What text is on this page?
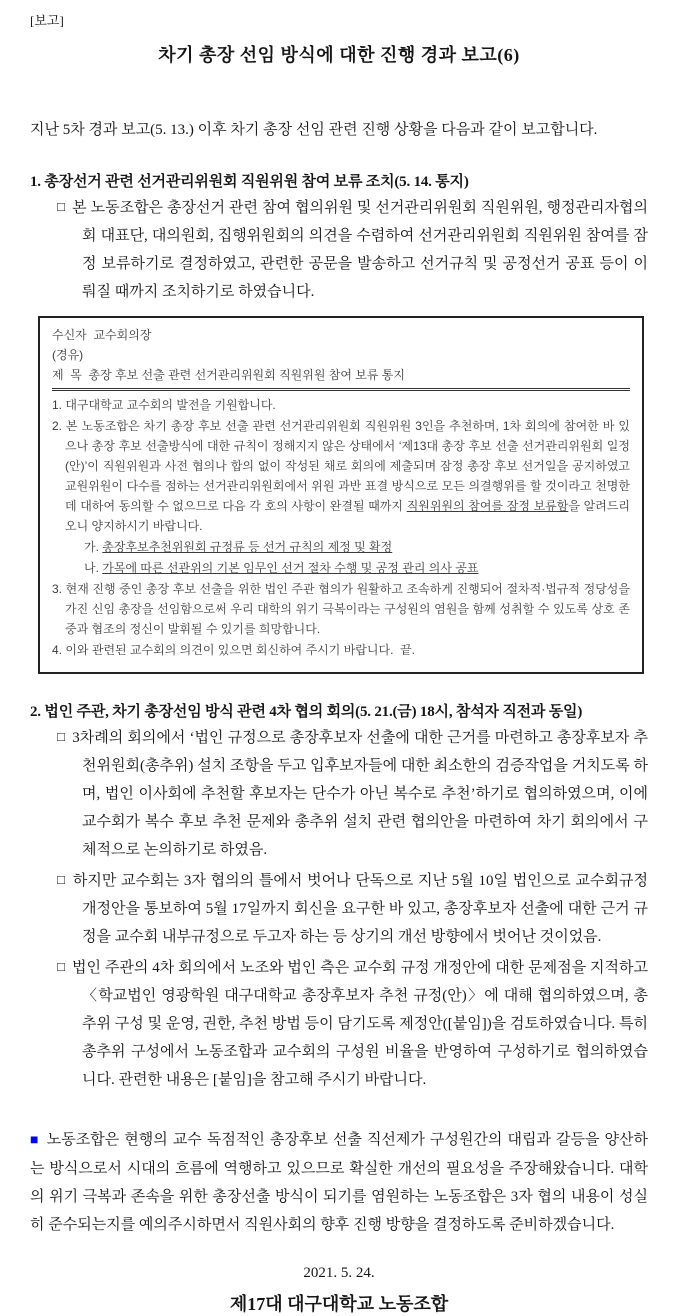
[보고]
차기 총장 선임 방식에 대한 진행 경과 보고(6)
지난 5차 경과 보고(5. 13.) 이후 차기 총장 선임 관련 진행 상황을 다음과 같이 보고합니다.
1. 총장선거 관련 선거관리위원회 직원위원 참여 보류 조치(5. 14. 통지)

□ 본 노동조합은 총장선거 관련 참여 협의위원 및 선거관리위원회 직원위원, 행정관리자협의회 대표단, 대의원회, 집행위원회의 의견을 수렴하여 선거관리위원회 직원위원 참여를 잠정 보류하기로 결정하였고, 관련한 공문을 발송하고 선거규칙 및 공정선거 공표 등이 이뤄질 때까지 조치하기로 하였습니다.

수신자  교수회의장
(경유)
제  목  총장 후보 선출 관련 선거관리위원회 직원위원 참여 보류 통지
1. 대구대학교 교수회의 발전을 기원합니다.
2. 본 노동조합은 차기 총장 후보 선출 관련 선거관리위원회 직원위원 3인을 추천하며, 1차 회의에 참여한 바 있으나 총장 후보 선출방식에 대한 규칙이 정해지지 않은 상태에서 ‘제13대 총장 후보 선출 선거관리위원회 일정(안)’이 직원위원과 사전 협의나 합의 없이 작성된 채로 회의에 제출되며 잠정 총장 후보 선거일을 공지하였고 교원위원이 다수를 점하는 선거관리위원회에서 위원 과반 표결 방식으로 모든 의결행위를 할 것이라고 천명한 데 대하여 동의할 수 없으므로 다음 각 호의 사항이 완결될 때까지 직원위원의 참여를 잠정 보류함을 알려드리오니 양지하시기 바랍니다.
가. 총장후보추천위원회 규정류 등 선거 규칙의 제정 및 확정
나. 가목에 따른 선관위의 기본 임무인 선거 절차 수행 및 공정 관리 의사 공표
3. 현재 진행 중인 총장 후보 선출을 위한 법인 주관 협의가 원활하고 조속하게 진행되어 절차적·법규적 정당성을 가진 신임 총장을 선임함으로써 우리 대학의 위기 극복이라는 구성원의 염원을 함께 성취할 수 있도록 상호 존중과 협조의 정신이 발휘될 수 있기를 희망합니다.
4. 이와 관련된 교수회의 의견이 있으면 회신하여 주시기 바랍니다.  끝.
2. 법인 주관, 차기 총장선임 방식 관련 4차 협의 회의(5. 21.(금) 18시, 참석자 직전과 동일)

□ 3차례의 회의에서 ‘법인 규정으로 총장후보자 선출에 대한 근거를 마련하고 총장후보자 추천위원회(총추위) 설치 조항을 두고 입후보자들에 대한 최소한의 검증작업을 거치도록 하며, 법인 이사회에 추천할 후보자는 단수가 아닌 복수로 추천’하기로 협의하였으며, 이에 교수회가 복수 후보 추천 문제와 총추위 설치 관련 협의안을 마련하여 차기 회의에서 구체적으로 논의하기로 하였음.

□ 하지만 교수회는 3자 협의의 틀에서 벗어나 단독으로 지난 5월 10일 법인으로 교수회규정 개정안을 통보하여 5월 17일까지 회신을 요구한 바 있고, 총장후보자 선출에 대한 근거 규정을 교수회 내부규정으로 두고자 하는 등 상기의 개선 방향에서 벗어난 것이었음.

□ 법인 주관의 4차 회의에서 노조와 법인 측은 교수회 규정 개정안에 대한 문제점을 지적하고 〈학교법인 영광학원 대구대학교 총장후보자 추천 규정(안)〉에 대해 협의하였으며, 총추위 구성 및 운영, 권한, 추천 방법 등이 담기도록 제정안([붙임])을 검토하였습니다. 특히 총추위 구성에서 노동조합과 교수회의 구성원 비율을 반영하여 구성하기로 협의하였습니다. 관련한 내용은 [붙임]을 참고해 주시기 바랍니다.

■ 노동조합은 현행의 교수 독점적인 총장후보 선출 직선제가 구성원간의 대립과 갈등을 양산하는 방식으로서 시대의 흐름에 역행하고 있으므로 확실한 개선의 필요성을 주장해왔습니다. 대학의 위기 극복과 존속을 위한 총장선출 방식이 되기를 염원하는 노동조합은 3자 협의 내용이 성실히 준수되는지를 예의주시하면서 직원사회의 향후 진행 방향을 결정하도록 준비하겠습니다.
2021. 5. 24.
제17대 대구대학교 노동조합
